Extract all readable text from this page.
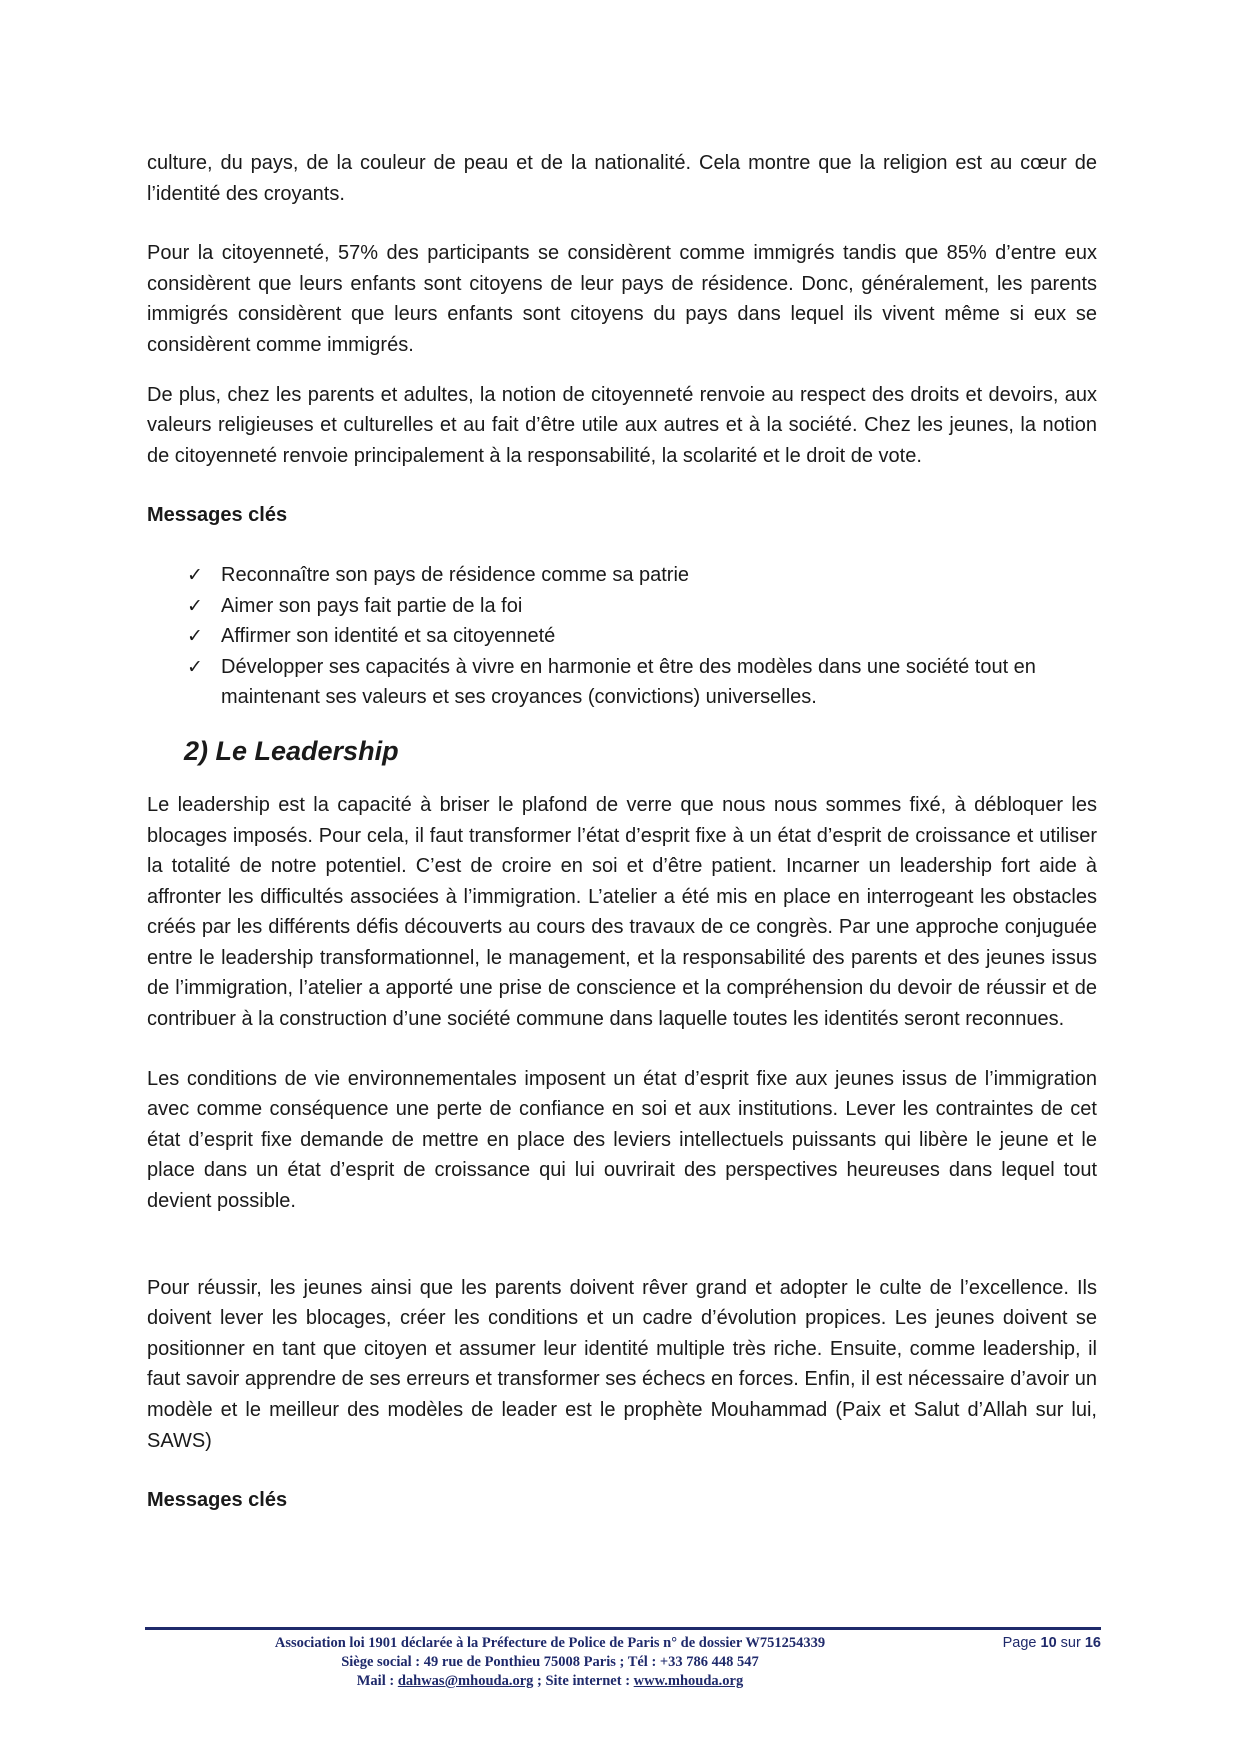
culture, du pays, de la couleur de peau et de la nationalité. Cela montre que la religion est au cœur de l’identité des croyants.

Pour la citoyenneté, 57% des participants se considèrent comme immigrés tandis que 85% d’entre eux considèrent que leurs enfants sont citoyens de leur pays de résidence. Donc, généralement, les parents immigrés considèrent que leurs enfants sont citoyens du pays dans lequel ils vivent même si eux se considèrent comme immigrés.

De plus, chez les parents et adultes, la notion de citoyenneté renvoie au respect des droits et devoirs, aux valeurs religieuses et culturelles et au fait d’être utile aux autres et à la société. Chez les jeunes, la notion de citoyenneté renvoie principalement à la responsabilité, la scolarité et le droit de vote.

Messages clés

✓ Reconnaître son pays de résidence comme sa patrie
✓ Aimer son pays fait partie de la foi
✓ Affirmer son identité et sa citoyenneté
✓ Développer ses capacités à vivre en harmonie et être des modèles dans une société tout en maintenant ses valeurs et ses croyances (convictions) universelles.
2) Le Leadership

Le leadership est la capacité à briser le plafond de verre que nous nous sommes fixé, à débloquer les blocages imposés. Pour cela, il faut transformer l’état d’esprit fixe à un état d’esprit de croissance et utiliser la totalité de notre potentiel. C’est de croire en soi et d’être patient. Incarner un leadership fort aide à affronter les difficultés associées à l’immigration. L’atelier a été mis en place en interrogeant les obstacles créés par les différents défis découverts au cours des travaux de ce congrès. Par une approche conjuguée entre le leadership transformationnel, le management, et la responsabilité des parents et des jeunes issus de l’immigration, l’atelier a apporté une prise de conscience et la compréhension du devoir de réussir et de contribuer à la construction d’une société commune dans laquelle toutes les identités seront reconnues.

Les conditions de vie environnementales imposent un état d’esprit fixe aux jeunes issus de l’immigration avec comme conséquence une perte de confiance en soi et aux institutions. Lever les contraintes de cet état d’esprit fixe demande de mettre en place des leviers intellectuels puissants qui libère le jeune et le place dans un état d’esprit de croissance qui lui ouvrirait des perspectives heureuses dans lequel tout devient possible.

Pour réussir, les jeunes ainsi que les parents doivent rêver grand et adopter le culte de l’excellence. Ils doivent lever les blocages, créer les conditions et un cadre d’évolution propices. Les jeunes doivent se positionner en tant que citoyen et assumer leur identité multiple très riche. Ensuite, comme leadership, il faut savoir apprendre de ses erreurs et transformer ses échecs en forces. Enfin, il est nécessaire d’avoir un modèle et le meilleur des modèles de leader est le prophète Mouhammad (Paix et Salut d’Allah sur lui, SAWS)

Messages clés

Association loi 1901 déclarée à la Préfecture de Police de Paris n° de dossier W751254339
Siège social : 49 rue de Ponthieu 75008 Paris ; Tél : +33 786 448 547
Mail : dahwas@mhouda.org ; Site internet : www.mhouda.org
Page 10 sur 16
